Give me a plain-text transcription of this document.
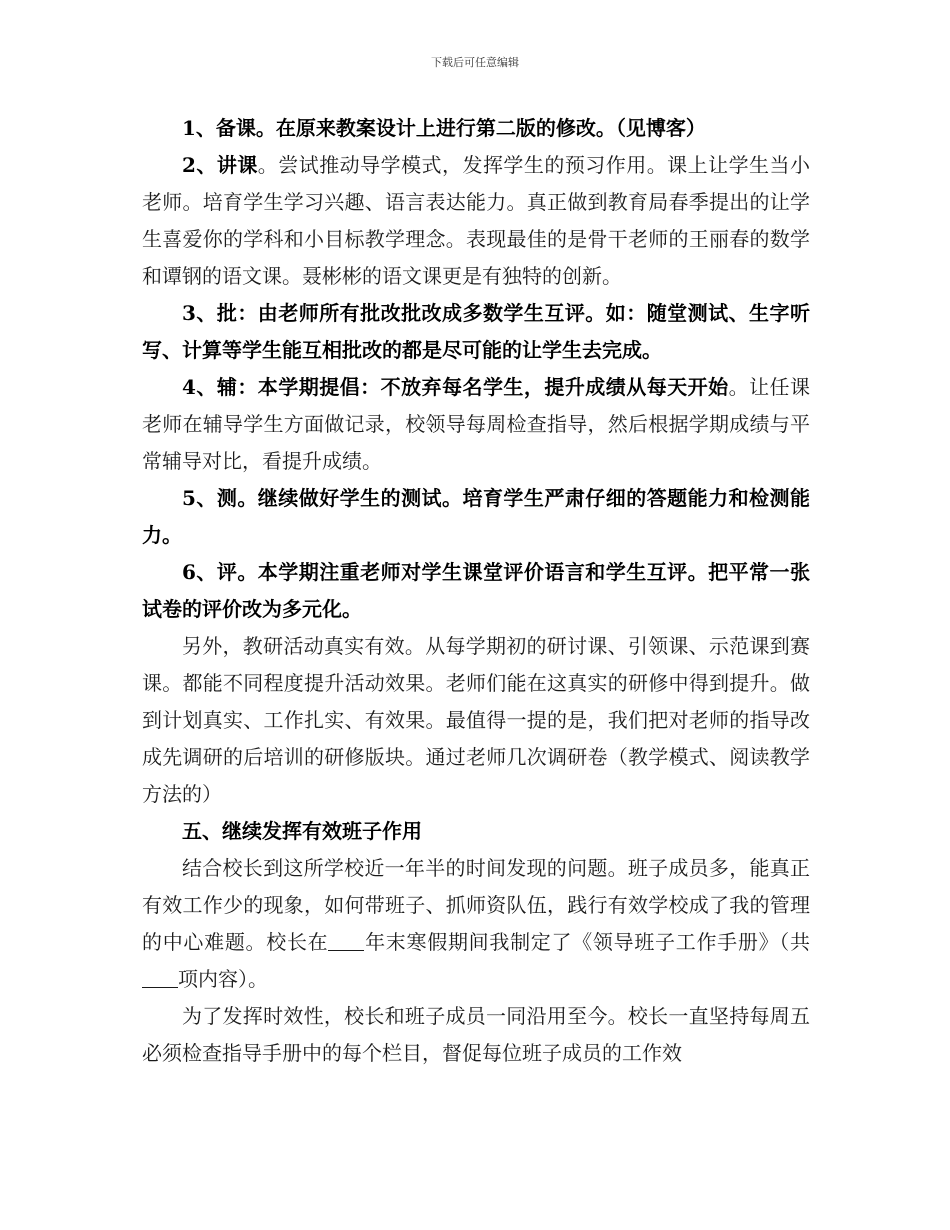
下载后可任意编辑

1、备课。在原来教案设计上进行第二版的修改。（见博客）

2、讲课。尝试推动导学模式，发挥学生的预习作用。课上让学生当小老师。培育学生学习兴趣、语言表达能力。真正做到教育局春季提出的让学生喜爱你的学科和小目标教学理念。表现最佳的是骨干老师的王丽春的数学和谭钢的语文课。聂彬彬的语文课更是有独特的创新。

3、批：由老师所有批改批改成多数学生互评。如：随堂测试、生字听写、计算等学生能互相批改的都是尽可能的让学生去完成。

4、辅：本学期提倡：不放弃每名学生，提升成绩从每天开始。让任课老师在辅导学生方面做记录，校领导每周检查指导，然后根据学期成绩与平常辅导对比，看提升成绩。

5、测。继续做好学生的测试。培育学生严肃仔细的答题能力和检测能力。

6、评。本学期注重老师对学生课堂评价语言和学生互评。把平常一张试卷的评价改为多元化。

另外，教研活动真实有效。从每学期初的研讨课、引领课、示范课到赛课。都能不同程度提升活动效果。老师们能在这真实的研修中得到提升。做到计划真实、工作扎实、有效果。最值得一提的是，我们把对老师的指导改成先调研的后培训的研修版块。通过老师几次调研卷（教学模式、阅读教学方法的）

五、继续发挥有效班子作用

结合校长到这所学校近一年半的时间发现的问题。班子成员多，能真正有效工作少的现象，如何带班子、抓师资队伍，践行有效学校成了我的管理的中心难题。校长在 年末寒假期间我制定了《领导班子工作手册》（共项内容）。

为了发挥时效性，校长和班子成员一同沿用至今。校长一直坚持每周五必须检查指导手册中的每个栏目，督促每位班子成员的工作效
